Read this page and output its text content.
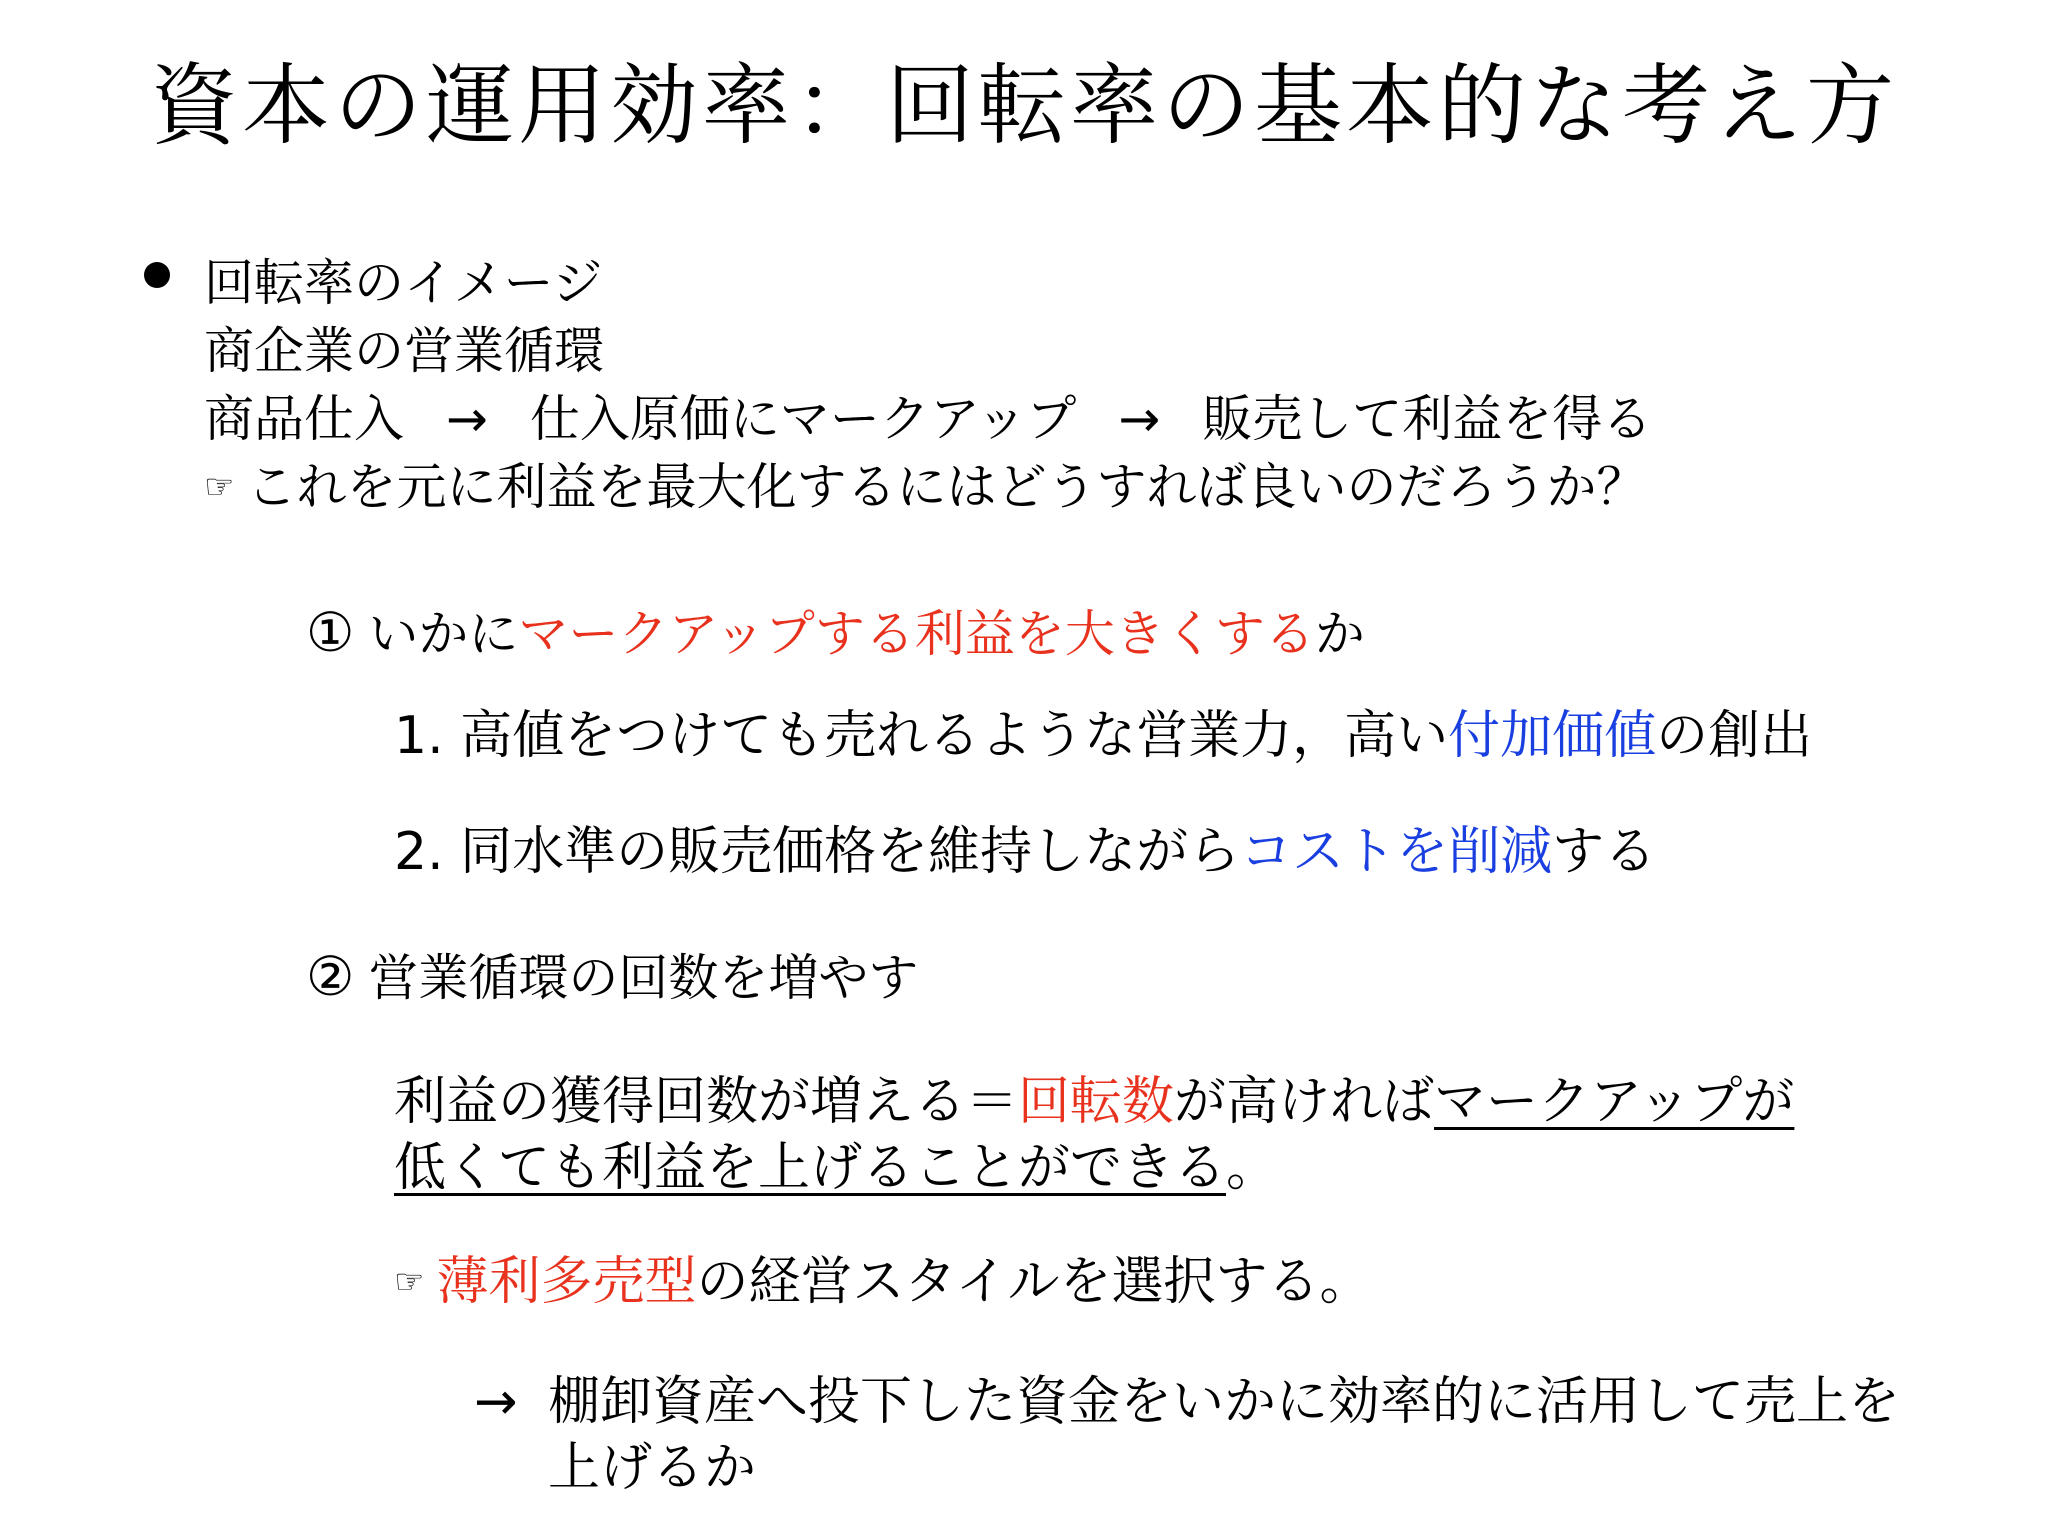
資本の運用効率：回転率の基本的な考え方
回転率のイメージ
商企業の営業循環
商品仕入 → 仕入原価にマークアップ → 販売して利益を得る
☞ これを元に利益を最大化するにはどうすれば良いのだろうか？
① いかにマークアップする利益を大きくするか
1. 高値をつけても売れるような営業力，高い付加価値の創出
2. 同水準の販売価格を維持しながらコストを削減する
② 営業循環の回数を増やす
利益の獲得回数が増える＝回転数が高ければマークアップが
低くても利益を上げることができる。
☞ 薄利多売型の経営スタイルを選択する。
→ 棚卸資産へ投下した資金をいかに効率的に活用して売上を
上げるか
